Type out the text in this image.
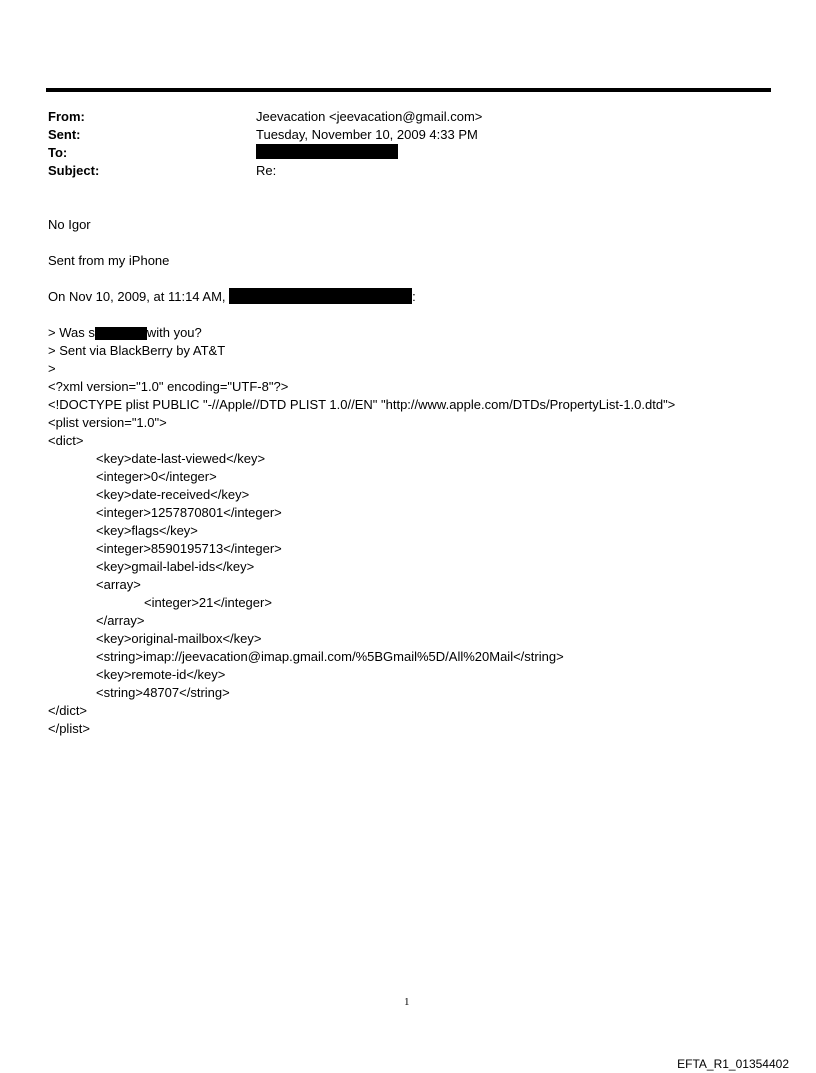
From:	Jeevacation <jeevacation@gmail.com>
Sent:	Tuesday, November 10, 2009 4:33 PM
To:
Subject:	Re:
No Igor
Sent from my iPhone
On Nov 10, 2009, at 11:14 AM,	:
> Was s	with you?
> Sent via BlackBerry by AT&T
>
<?xml version="1.0" encoding="UTF-8"?>
<!DOCTYPE plist PUBLIC "-//Apple//DTD PLIST 1.0//EN" "http://www.apple.com/DTDs/PropertyList-1.0.dtd">
<plist version="1.0">
<dict>
<key>date-last-viewed</key>
<integer>0</integer>
<key>date-received</key>
<integer>1257870801</integer>
<key>flags</key>
<integer>8590195713</integer>
<key>gmail-label-ids</key>
<array>
<integer>21</integer>
</array>
<key>original-mailbox</key>
<string>imap://jeevacation@imap.gmail.com/%5BGmail%5D/All%20Mail</string>
<key>remote-id</key>
<string>48707</string>
</dict>
</plist>
1
EFTA_R1_01354402
